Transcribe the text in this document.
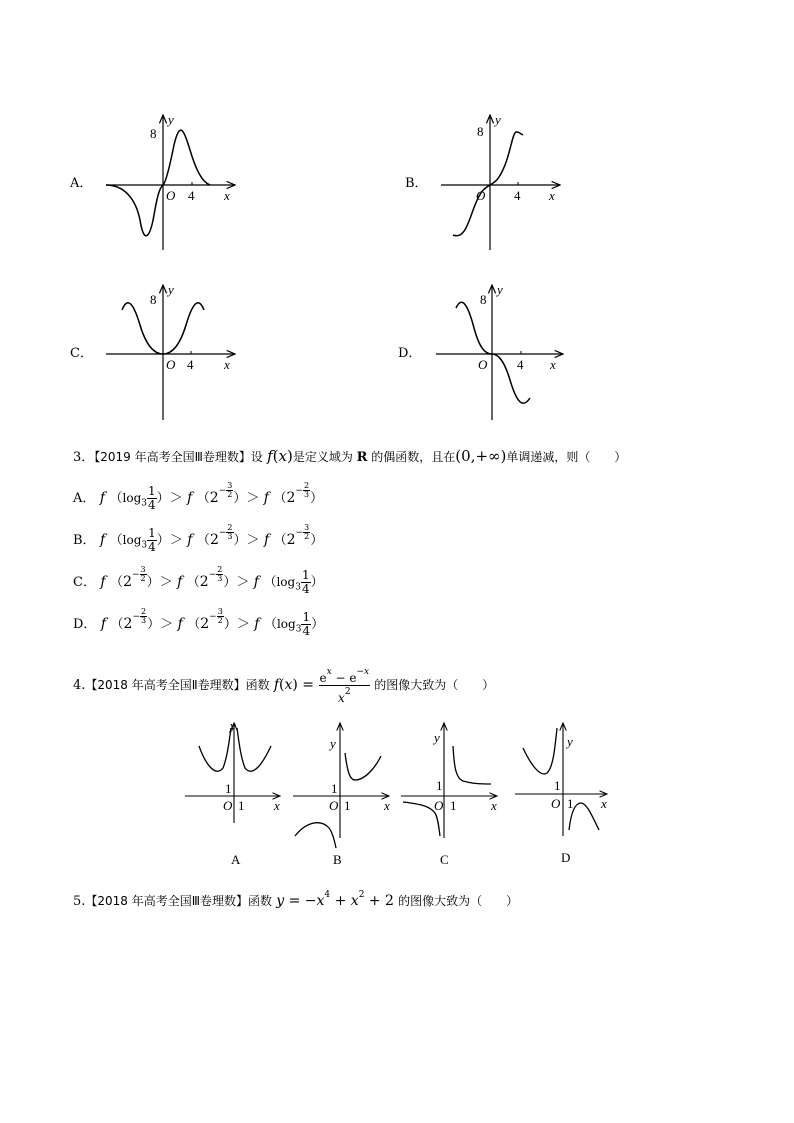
A．
8
y
O 4 x
B．
8
y
O 4 x
C．
8
y
O 4 x
D．
8
y
O 4 x
3．【2019 年高考全国Ⅲ卷理数】设 f(x)是定义域为 R 的偶函数，且在(0,+∞)单调递减，则（　　）
A． f （$\log_3 \frac{1}{4}$ ）＞ f （$2^{- \frac{3}{2}}$ ）＞ f （$2^{- \frac{2}{3}}$ ）
B． f （$\log_3 \frac{1}{4}$ ）＞ f （$2^{- \frac{2}{3}}$ ）＞ f （$2^{- \frac{3}{2}}$ ）
C． f （$2^{- \frac{3}{2}}$ ）＞ f （$2^{- \frac{2}{3}}$ ）＞ f （$\log_3 \frac{1}{4}$ ）
D． f （$2^{- \frac{2}{3}}$ ）＞ f （$2^{- \frac{3}{2}}$ ）＞ f （$\log_3 \frac{1}{4}$ ）
4.【2018 年高考全国Ⅱ卷理数】函数 $f(x) = \frac{e^x - e^{-x}}{x^2}$ 的图像大致为（　　）
1
y
O 1 x
A
1
y
O 1	x
B
1
y
O 1	x
C
1
y
O 1 x
D
5.【2018 年高考全国Ⅲ卷理数】函数 $y = -x^4 + x^2 + 2$ 的图像大致为（　　）
